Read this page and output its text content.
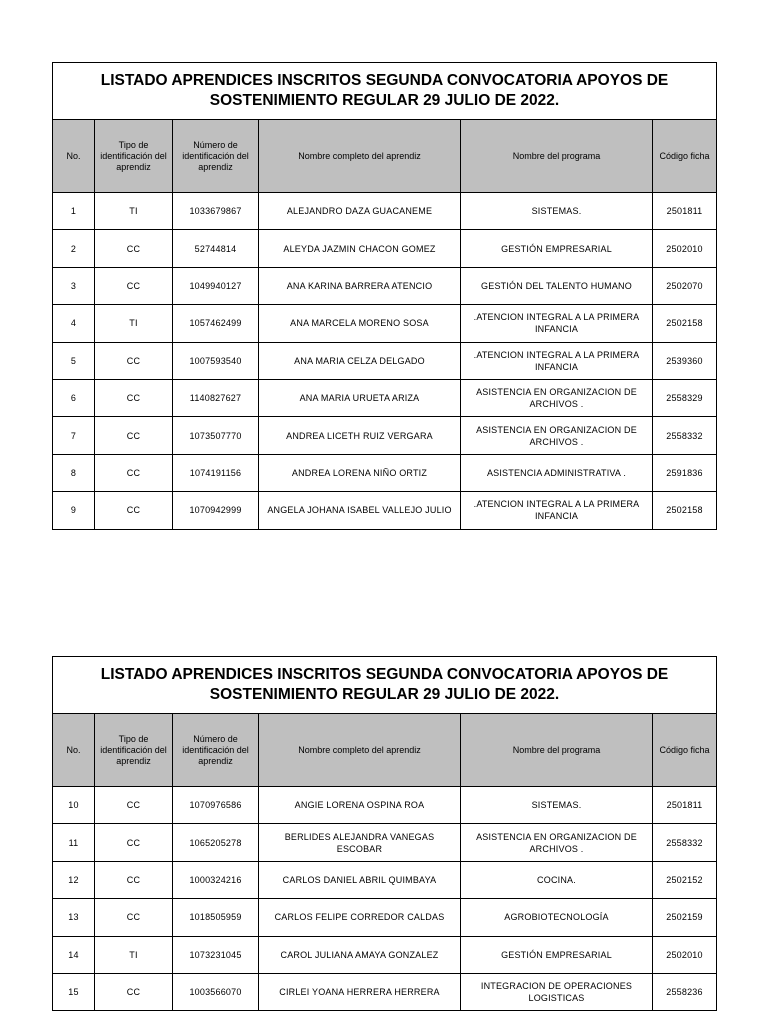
LISTADO APRENDICES INSCRITOS SEGUNDA CONVOCATORIA APOYOS DE SOSTENIMIENTO REGULAR 29 JULIO DE 2022.					
No.	Tipo de identificación del aprendiz	Número de identificación del aprendiz	Nombre completo del aprendiz	Nombre del programa	Código ficha
1	TI	1033679867	ALEJANDRO DAZA GUACANEME	SISTEMAS.	2501811
2	CC	52744814	ALEYDA JAZMIN CHACON GOMEZ	GESTIÓN EMPRESARIAL	2502010
3	CC	1049940127	ANA KARINA BARRERA ATENCIO	GESTIÓN DEL TALENTO HUMANO	2502070
4	TI	1057462499	ANA MARCELA MORENO SOSA	.ATENCION INTEGRAL A LA PRIMERA INFANCIA	2502158
5	CC	1007593540	ANA MARIA CELZA DELGADO	.ATENCION INTEGRAL A LA PRIMERA INFANCIA	2539360
6	CC	1140827627	ANA MARIA URUETA ARIZA	ASISTENCIA EN ORGANIZACION DE ARCHIVOS .	2558329
7	CC	1073507770	ANDREA LICETH RUIZ VERGARA	ASISTENCIA EN ORGANIZACION DE ARCHIVOS .	2558332
8	CC	1074191156	ANDREA LORENA NIÑO ORTIZ	ASISTENCIA ADMINISTRATIVA .	2591836
9	CC	1070942999	ANGELA JOHANA ISABEL VALLEJO JULIO	.ATENCION INTEGRAL A LA PRIMERA INFANCIA	2502158
LISTADO APRENDICES INSCRITOS SEGUNDA CONVOCATORIA APOYOS DE SOSTENIMIENTO REGULAR 29 JULIO DE 2022.					
No.	Tipo de identificación del aprendiz	Número de identificación del aprendiz	Nombre completo del aprendiz	Nombre del programa	Código ficha
10	CC	1070976586	ANGIE LORENA OSPINA ROA	SISTEMAS.	2501811
11	CC	1065205278	BERLIDES ALEJANDRA VANEGAS ESCOBAR	ASISTENCIA EN ORGANIZACION DE ARCHIVOS .	2558332
12	CC	1000324216	CARLOS DANIEL ABRIL QUIMBAYA	COCINA.	2502152
13	CC	1018505959	CARLOS FELIPE CORREDOR CALDAS	AGROBIOTECNOLOGÍA	2502159
14	TI	1073231045	CAROL JULIANA AMAYA GONZALEZ	GESTIÓN EMPRESARIAL	2502010
15	CC	1003566070	CIRLEI YOANA HERRERA HERRERA	INTEGRACION DE OPERACIONES LOGISTICAS	2558236
